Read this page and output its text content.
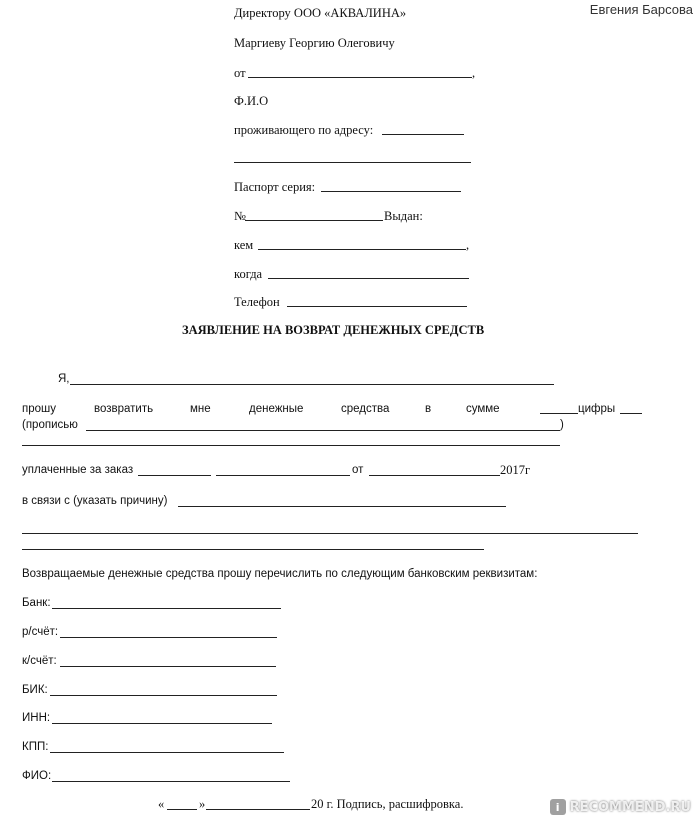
Евгения Барсова
Директору ООО «АКВАЛИНА»
Маргиеву Георгию Олеговичу
от	,
Ф.И.О
проживающего по адресу:
Паспорт серия:
№	Выдан:
кем	,
когда
Телефон
ЗАЯВЛЕНИЕ НА ВОЗВРАТ ДЕНЕЖНЫХ СРЕДСТВ
Я,
прошу	возвратить	мне	денежные	средства	в	сумме	цифры
(прописью	)
уплаченные за заказ	от	2017г
в связи с (указать причину)
Возвращаемые денежные средства прошу перечислить по следующим банковским реквизитам:
Банк:
р/счёт:
к/счёт:
БИК:
ИНН:
КПП:
ФИО:
«	»	20 г. Подпись, расшифровка.	i RECOMMEND.RU
